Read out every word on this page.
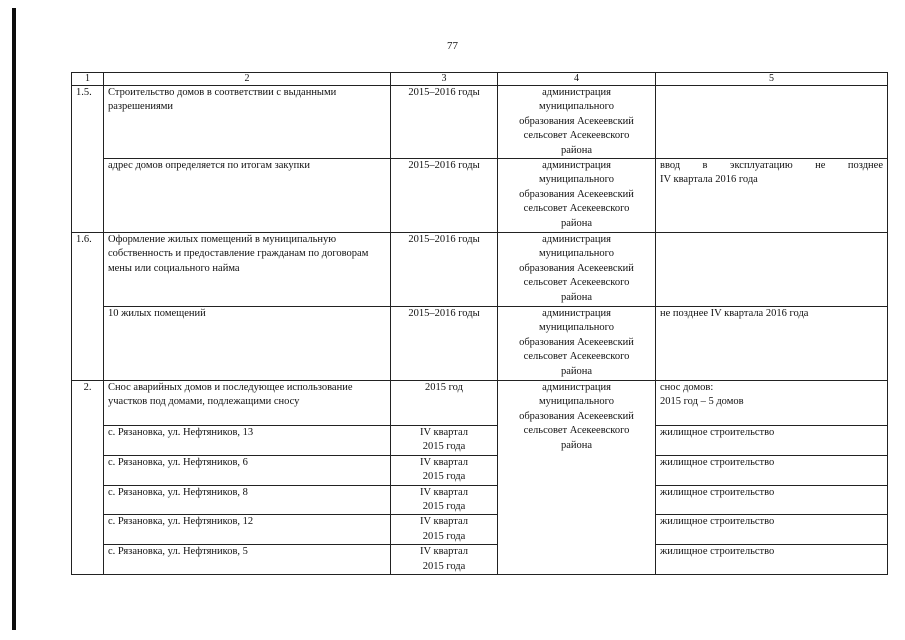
77
1	2	3	4	5
1.5.	Строительство домов в соответствии с выданными разрешениями	2015–2016 годы	администрация
муниципального
образования Асекеевский
сельсовет Асекеевского
района	

	адрес домов определяется по итогам закупки	2015–2016 годы	администрация
муниципального
образования Асекеевский
сельсовет Асекеевского
района	ввод в эксплуатацию не позднее
IV квартала 2016 года

1.6.	Оформление жилых помещений в муниципальную собственность и предоставление гражданам по договорам мены или социального найма	2015–2016 годы	администрация
муниципального
образования Асекеевский
сельсовет Асекеевского
района	

	10 жилых помещений	2015–2016 годы	администрация
муниципального
образования Асекеевский
сельсовет Асекеевского
района	не позднее IV квартала 2016 года
2.	Снос аварийных домов и последующее использование участков под домами, подлежащими сносу	2015 год	администрация
муниципального
образования Асекеевский
сельсовет Асекеевского
района	снос домов:
2015 год – 5 домов

	с. Рязановка, ул. Нефтяников, 13	IV квартал
2015 года		жилищное строительство
	с. Рязановка, ул. Нефтяников, 6	IV квартал
2015 года		жилищное строительство
	с. Рязановка, ул. Нефтяников, 8	IV квартал
2015 года		жилищное строительство
	с. Рязановка, ул. Нефтяников, 12	IV квартал
2015 года		жилищное строительство
	с. Рязановка, ул. Нефтяников, 5	IV квартал
2015 года		жилищное строительство
